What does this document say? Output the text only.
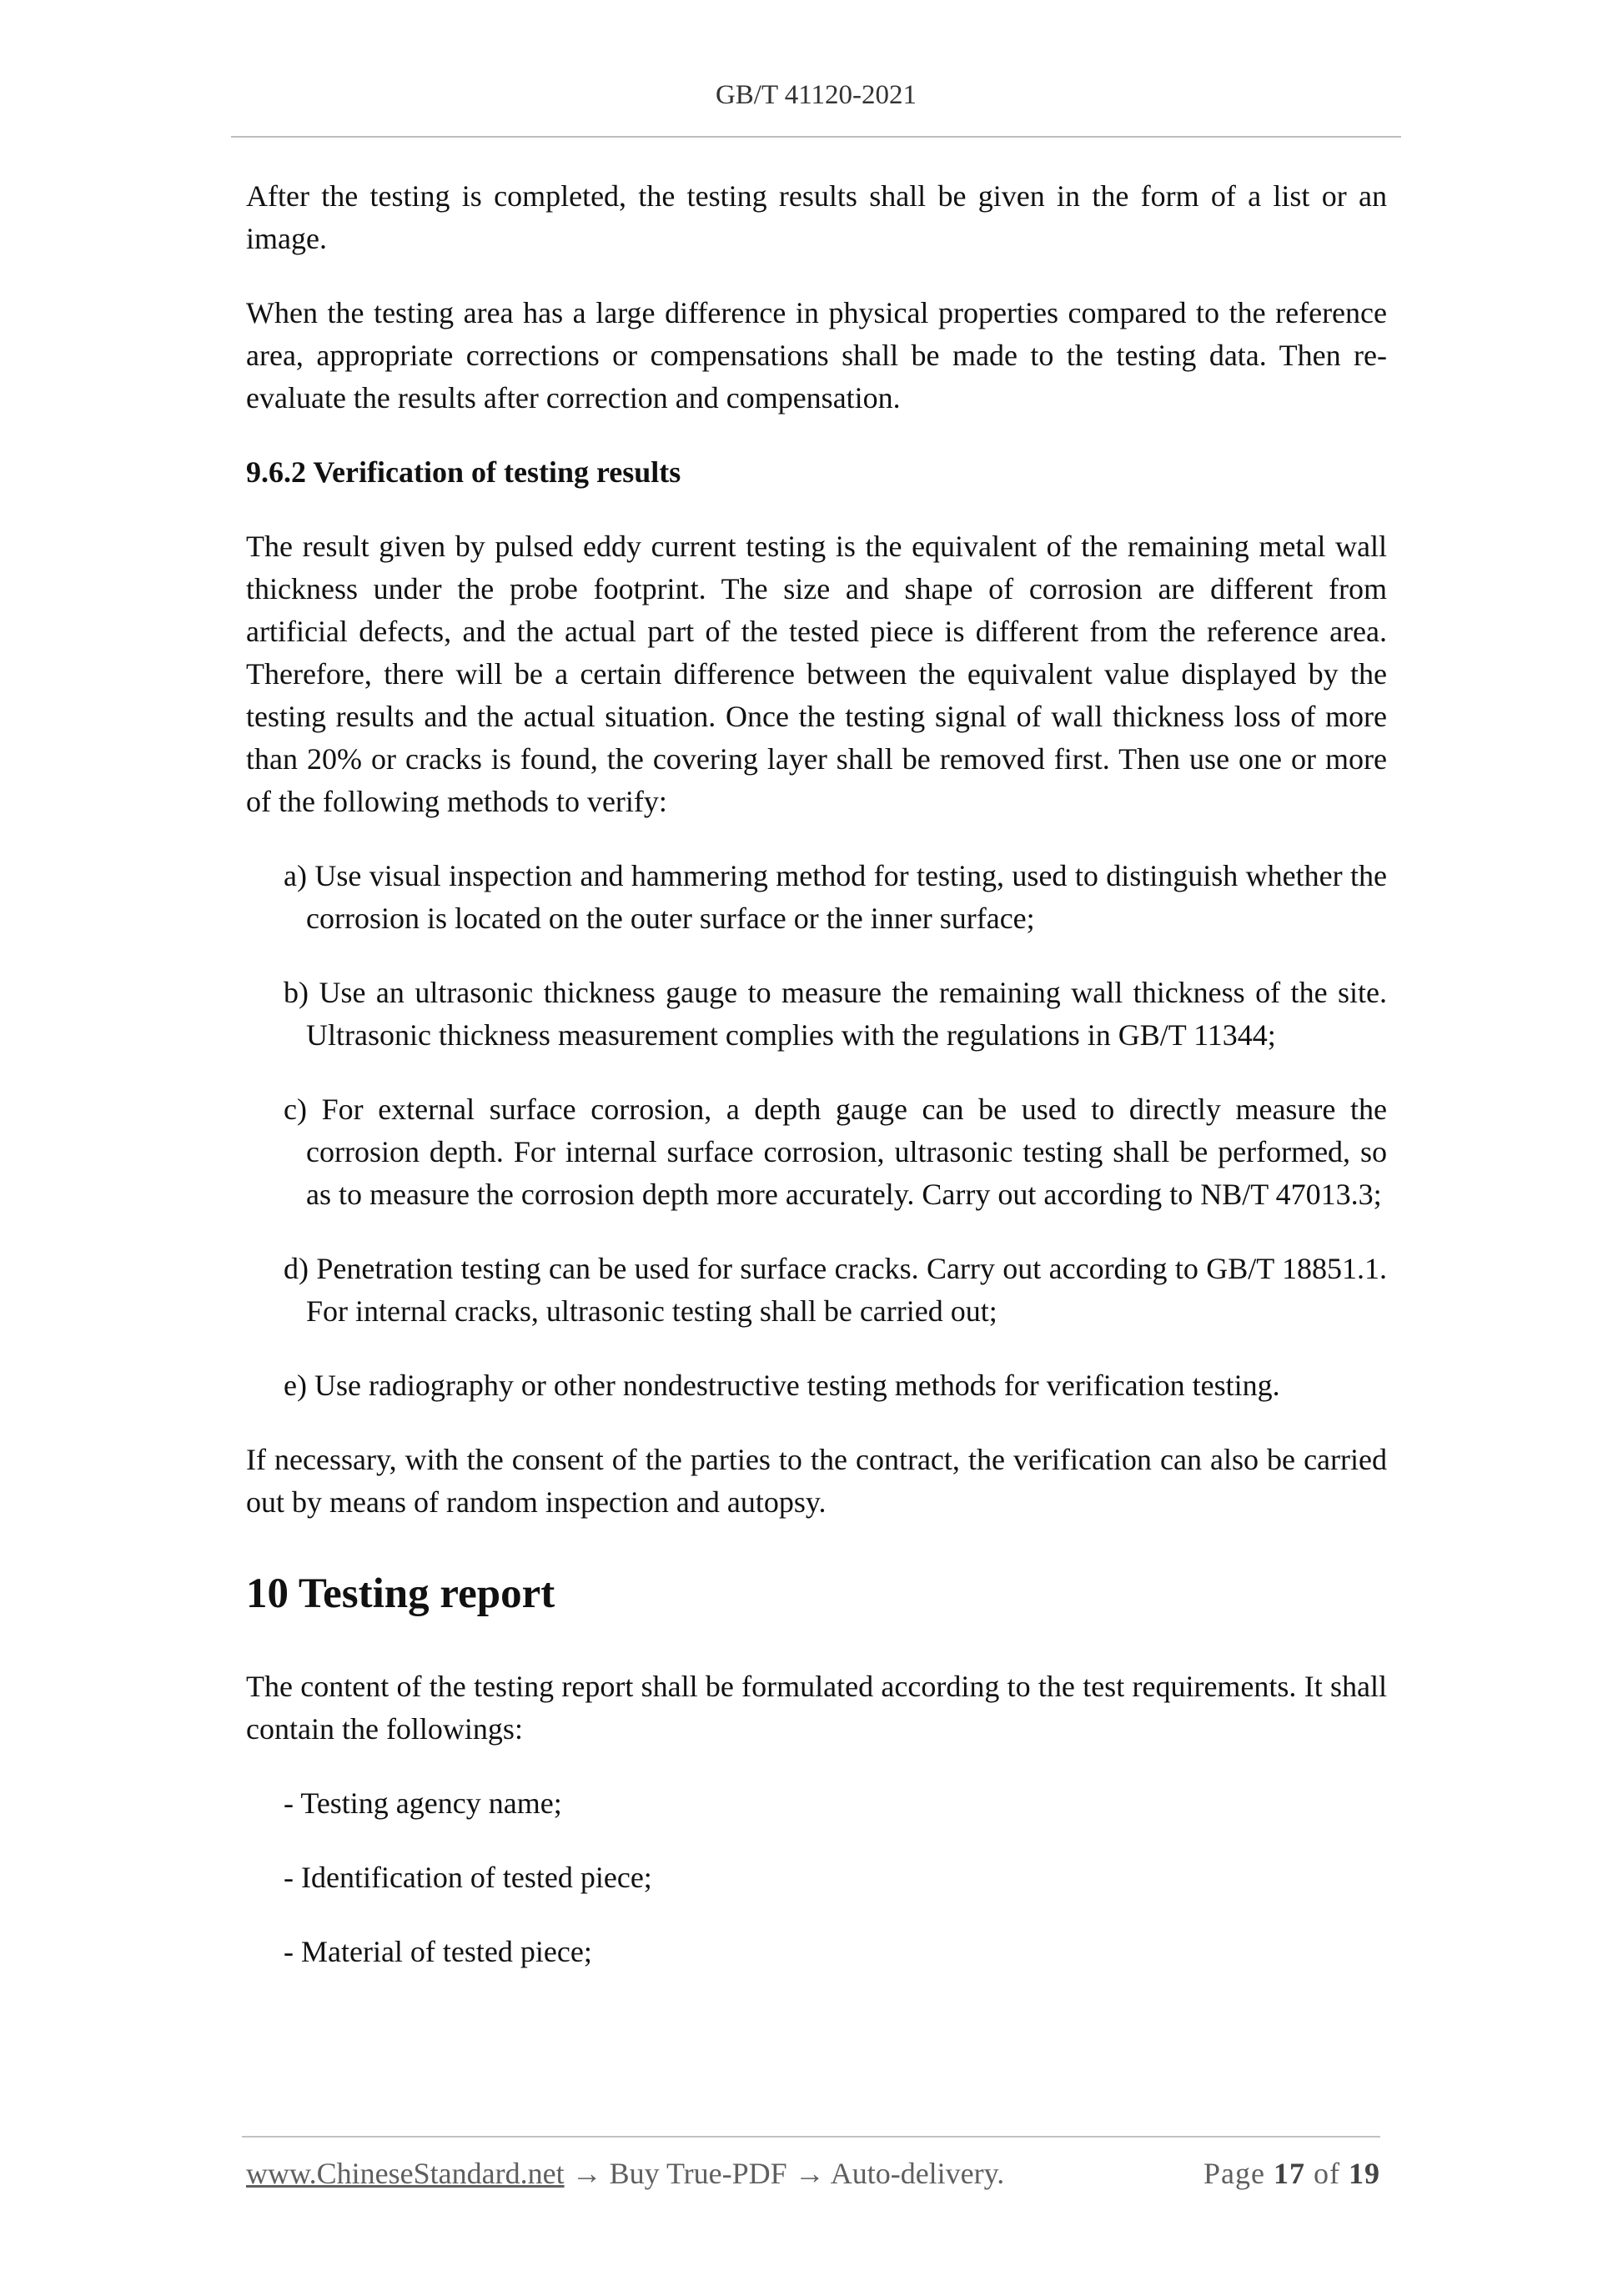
GB/T 41120-2021

After the testing is completed, the testing results shall be given in the form of a list or an image.

When the testing area has a large difference in physical properties compared to the reference area, appropriate corrections or compensations shall be made to the testing data. Then re-evaluate the results after correction and compensation.

9.6.2 Verification of testing results

The result given by pulsed eddy current testing is the equivalent of the remaining metal wall thickness under the probe footprint. The size and shape of corrosion are different from artificial defects, and the actual part of the tested piece is different from the reference area. Therefore, there will be a certain difference between the equivalent value displayed by the testing results and the actual situation. Once the testing signal of wall thickness loss of more than 20% or cracks is found, the covering layer shall be removed first. Then use one or more of the following methods to verify:

a) Use visual inspection and hammering method for testing, used to distinguish whether the corrosion is located on the outer surface or the inner surface;
b) Use an ultrasonic thickness gauge to measure the remaining wall thickness of the site. Ultrasonic thickness measurement complies with the regulations in GB/T 11344;
c) For external surface corrosion, a depth gauge can be used to directly measure the corrosion depth. For internal surface corrosion, ultrasonic testing shall be performed, so as to measure the corrosion depth more accurately. Carry out according to NB/T 47013.3;
d) Penetration testing can be used for surface cracks. Carry out according to GB/T 18851.1. For internal cracks, ultrasonic testing shall be carried out;
e) Use radiography or other nondestructive testing methods for verification testing.

If necessary, with the consent of the parties to the contract, the verification can also be carried out by means of random inspection and autopsy.

10 Testing report

The content of the testing report shall be formulated according to the test requirements. It shall contain the followings:

- Testing agency name;
- Identification of tested piece;
- Material of tested piece;
www.ChineseStandard.net → Buy True-PDF → Auto-delivery.	Page 17 of 19
